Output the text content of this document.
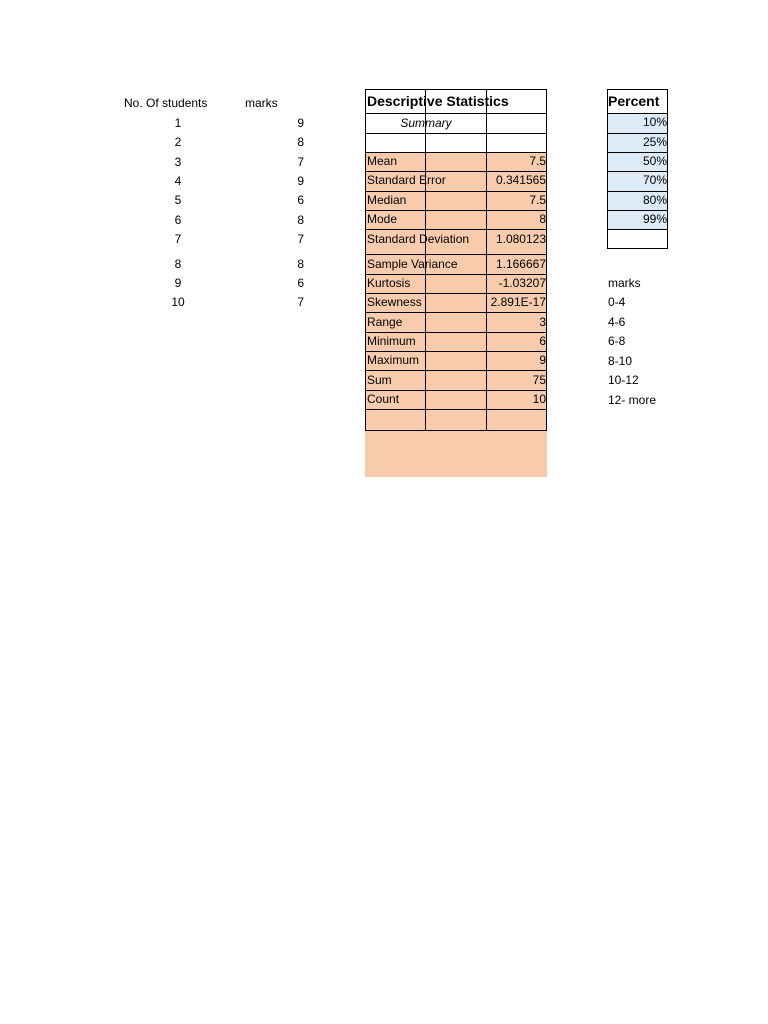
No. Of students	marks
1	9
2	8
3	7
4	9
5	6
6	8
7	7
8	8
9	6
10	7
Descriptive Statistics
Summary
Mean	7.5
Standard Error	0.341565
Median	7.5
Mode	8
Standard Deviation 1.080123
Sample Variance	1.166667
Kurtosis	-1.03207
Skewness	2.891E-17
Range	3
Minimum	6
Maximum	9
Sum	75
Count	10
Percent
10%
25%
50%
70%
80%
99%
marks
0-4
4-6
6-8
8-10
10-12
12- more
